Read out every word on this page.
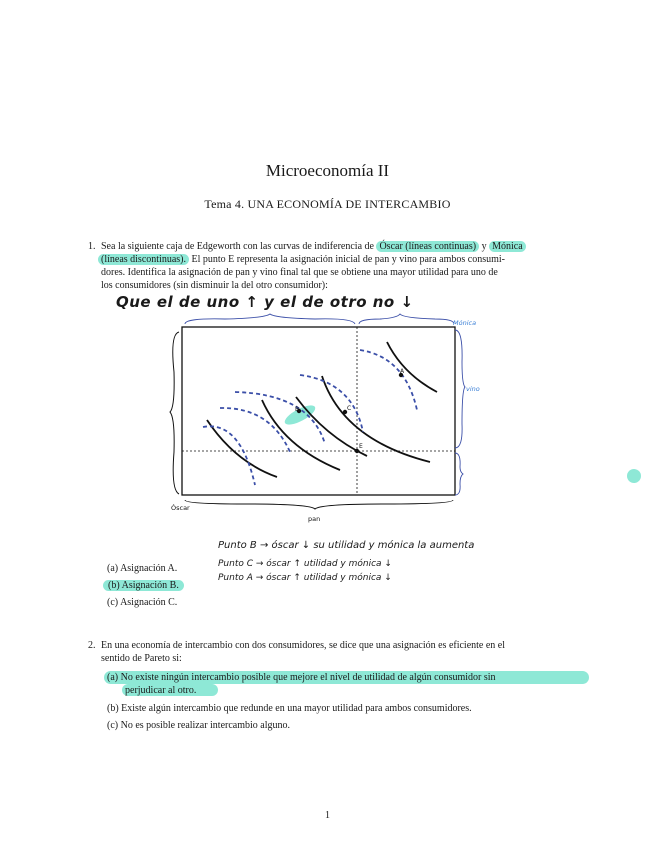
Microeconomía II
Tema 4. UNA ECONOMÍA DE INTERCAMBIO
1. Sea la siguiente caja de Edgeworth con las curvas de indiferencia de Óscar (líneas continuas) y Mónica
(líneas discontinuas). El punto E representa la asignación inicial de pan y vino para ambos consumi-
dores. Identifica la asignación de pan y vino final tal que se obtiene una mayor utilidad para uno de
los consumidores (sin disminuir la del otro consumidor):
Que el de uno ↑ y el de otro no ↓
A
B	C
E
Óscar
pan
Mónica
vino
(a) Asignación A.
(b) Asignación B.
(c) Asignación C.
Punto B → óscar ↓ su utilidad y mónica la aumenta
Punto C → óscar ↑ utilidad y mónica ↓
Punto A → óscar ↑ utilidad y mónica ↓
2. En una economía de intercambio con dos consumidores, se dice que una asignación es eficiente en el
sentido de Pareto si:
(a) No existe ningún intercambio posible que mejore el nivel de utilidad de algún consumidor sin
perjudicar al otro.
(b) Existe algún intercambio que redunde en una mayor utilidad para ambos consumidores.
(c) No es posible realizar intercambio alguno.
1
